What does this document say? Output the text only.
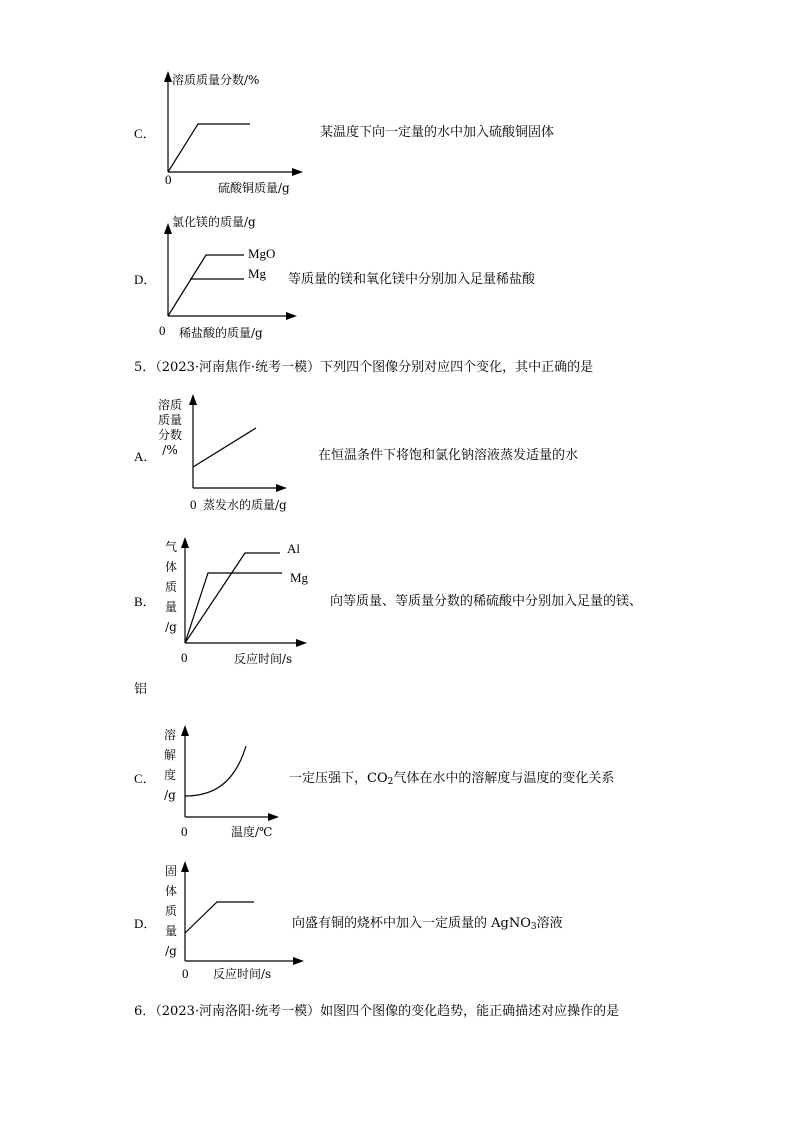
C．
溶质质量分数/%
0
硫酸铜质量/g
某温度下向一定量的水中加入硫酸铜固体
D．
氯化镁的质量/g
MgO
Mg
0 稀盐酸的质量/g
等质量的镁和氧化镁中分别加入足量稀盐酸
5．（2023·河南焦作·统考一模）下列四个图像分别对应四个变化，其中正确的是
A．
溶质
质量
分数
/%
0 蒸发水的质量/g
在恒温条件下将饱和氯化钠溶液蒸发适量的水
B．
气
体
质
量
/g
Al
Mg
0	反应时间/s
向等质量、等质量分数的稀硫酸中分别加入足量的镁、
铝
C．
溶
解
度
/g
0	温度/℃
一定压强下，$CO_2$气体在水中的溶解度与温度的变化关系
D．
固
体
质
量
/g
0 反应时间/s
向盛有铜的烧杯中加入一定质量的 AgNO$_3$溶液
6．（2023·河南洛阳·统考一模）如图四个图像的变化趋势，能正确描述对应操作的是
